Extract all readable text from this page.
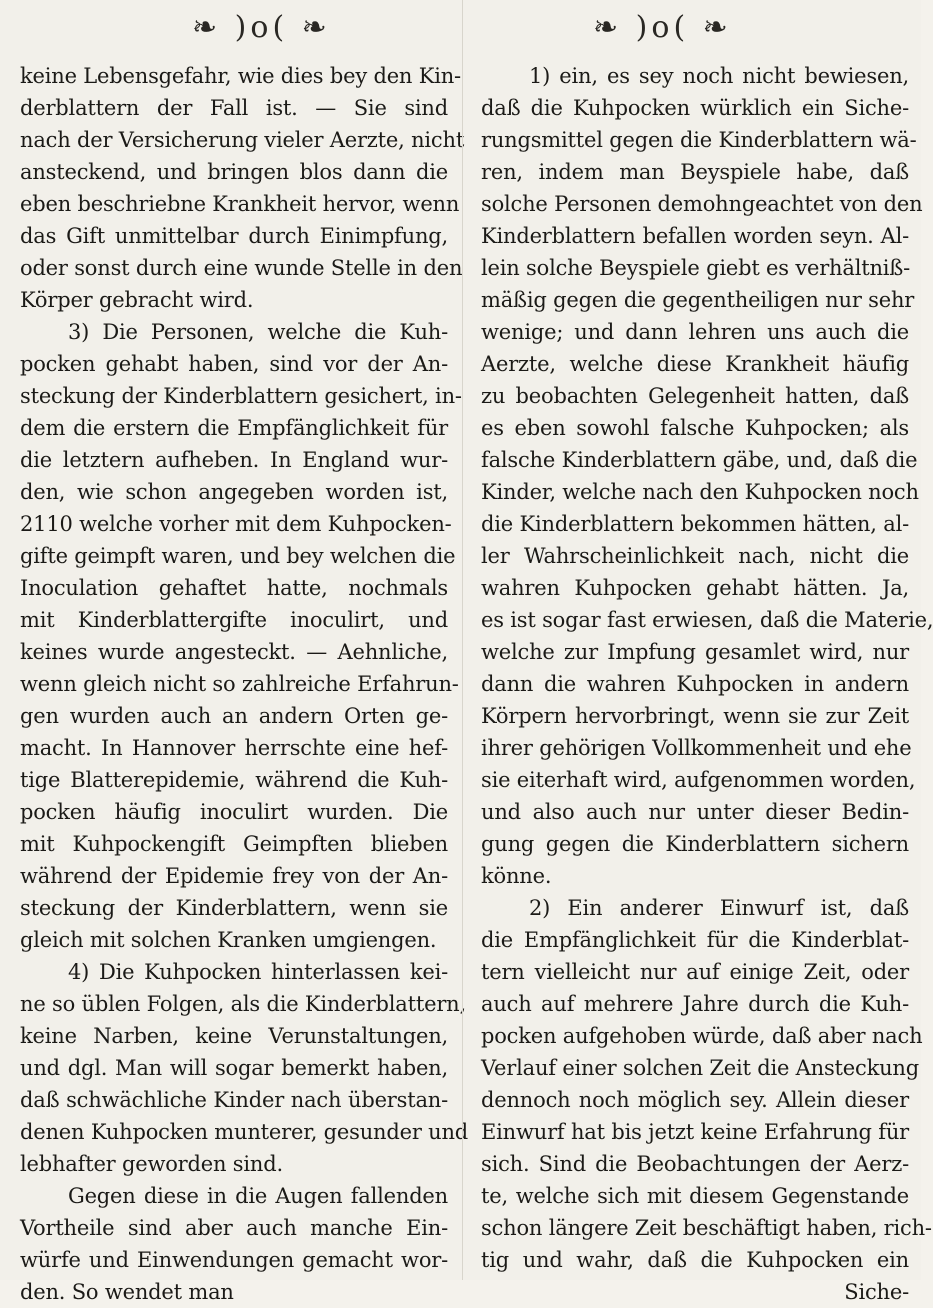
❧ )o( ❧
keine Lebensgefahr, wie dies bey den Kin-
derblattern der Fall ist. — Sie sind
nach der Versicherung vieler Aerzte, nicht
ansteckend, und bringen blos dann die
eben beschriebne Krankheit hervor, wenn
das Gift unmittelbar durch Einimpfung,
oder sonst durch eine wunde Stelle in den
Körper gebracht wird.
3) Die Personen, welche die Kuh-
pocken gehabt haben, sind vor der An-
steckung der Kinderblattern gesichert, in-
dem die erstern die Empfänglichkeit für
die letztern aufheben. In England wur-
den, wie schon angegeben worden ist,
2110 welche vorher mit dem Kuhpocken-
gifte geimpft waren, und bey welchen die
Inoculation gehaftet hatte, nochmals
mit Kinderblattergifte inoculirt, und
keines wurde angesteckt. — Aehnliche,
wenn gleich nicht so zahlreiche Erfahrun-
gen wurden auch an andern Orten ge-
macht. In Hannover herrschte eine hef-
tige Blatterepidemie, während die Kuh-
pocken häufig inoculirt wurden. Die
mit Kuhpockengift Geimpften blieben
während der Epidemie frey von der An-
steckung der Kinderblattern, wenn sie
gleich mit solchen Kranken umgiengen.
4) Die Kuhpocken hinterlassen kei-
ne so üblen Folgen, als die Kinderblattern,
keine Narben, keine Verunstaltungen,
und dgl. Man will sogar bemerkt haben,
daß schwächliche Kinder nach überstan-
denen Kuhpocken munterer, gesunder und
lebhafter geworden sind.
Gegen diese in die Augen fallenden
Vortheile sind aber auch manche Ein-
würfe und Einwendungen gemacht wor-
den. So wendet man
❧ )o( ❧
1) ein, es sey noch nicht bewiesen,
daß die Kuhpocken würklich ein Siche-
rungsmittel gegen die Kinderblattern wä-
ren, indem man Beyspiele habe, daß
solche Personen demohngeachtet von den
Kinderblattern befallen worden seyn. Al-
lein solche Beyspiele giebt es verhältniß-
mäßig gegen die gegentheiligen nur sehr
wenige; und dann lehren uns auch die
Aerzte, welche diese Krankheit häufig
zu beobachten Gelegenheit hatten, daß
es eben sowohl falsche Kuhpocken; als
falsche Kinderblattern gäbe, und, daß die
Kinder, welche nach den Kuhpocken noch
die Kinderblattern bekommen hätten, al-
ler Wahrscheinlichkeit nach, nicht die
wahren Kuhpocken gehabt hätten. Ja,
es ist sogar fast erwiesen, daß die Materie,
welche zur Impfung gesamlet wird, nur
dann die wahren Kuhpocken in andern
Körpern hervorbringt, wenn sie zur Zeit
ihrer gehörigen Vollkommenheit und ehe
sie eiterhaft wird, aufgenommen worden,
und also auch nur unter dieser Bedin-
gung gegen die Kinderblattern sichern
könne.
2) Ein anderer Einwurf ist, daß
die Empfänglichkeit für die Kinderblat-
tern vielleicht nur auf einige Zeit, oder
auch auf mehrere Jahre durch die Kuh-
pocken aufgehoben würde, daß aber nach
Verlauf einer solchen Zeit die Ansteckung
dennoch noch möglich sey. Allein dieser
Einwurf hat bis jetzt keine Erfahrung für
sich. Sind die Beobachtungen der Aerz-
te, welche sich mit diesem Gegenstande
schon längere Zeit beschäftigt haben, rich-
tig und wahr, daß die Kuhpocken ein
Siche-
